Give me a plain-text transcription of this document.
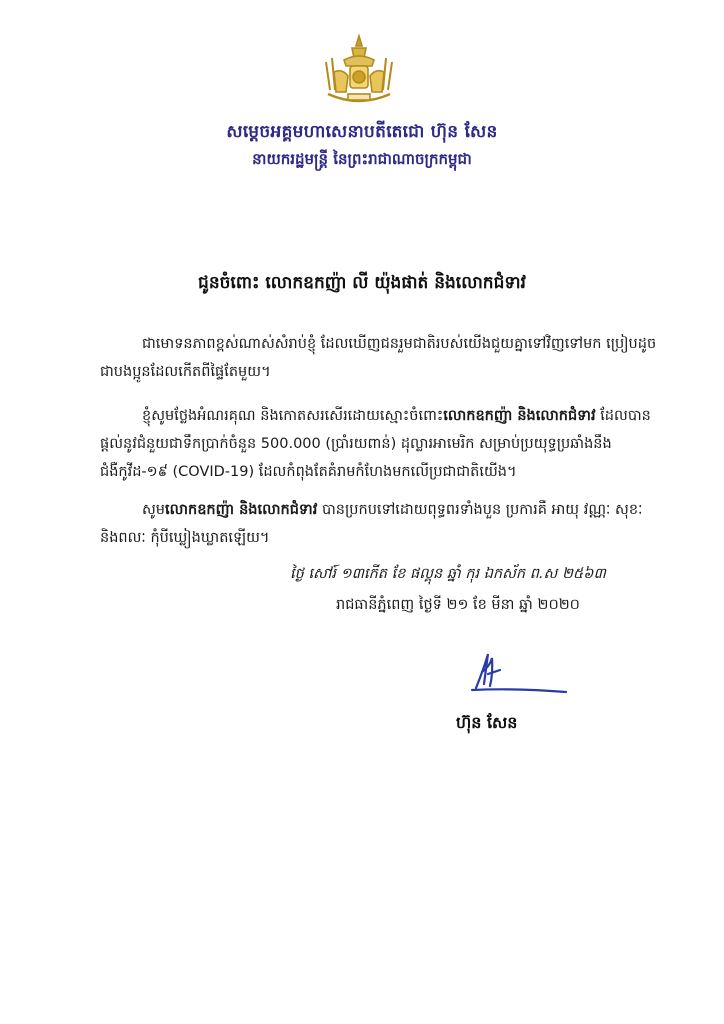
សម្តេចអគ្គមហាសេនាបតីតេជោ ហ៊ុន សែន
នាយករដ្ឋមន្ត្រី នៃព្រះរាជាណាចក្រកម្ពុជា
ជូនចំពោះ លោកឧកញ៉ា លី យ៉ុងផាត់ និងលោកជំទាវ
ជាមោទនភាពខ្ពស់ណាស់សំរាប់ខ្ញុំ ដែលឃើញជនរួមជាតិរបស់យើងជួយគ្នាទៅវិញទៅមក ប្រៀបដូចជាបងប្អូនដែលកើតពីផ្ទៃតែមួយ។
ខ្ញុំសូមថ្លែងអំណរគុណ និងកោតសរសើរដោយស្មោះចំពោះលោកឧកញ៉ា និងលោកជំទាវ ដែលបានផ្តល់នូវជំនួយជាទឹកប្រាក់ចំនួន 500.000 (ប្រាំរយពាន់) ដុល្លារអាមេរិក សម្រាប់ប្រយុទ្ធប្រឆាំងនឹងជំងឺកូវីដ-១៩ (COVID-19) ដែលកំពុងតែគំរាមកំហែងមកលើប្រជាជាតិយើង។
សូមលោកឧកញ៉ា និងលោកជំទាវ បានប្រកបទៅដោយពុទ្ធពរទាំងបួន ប្រការគឺ អាយុ វណ្ណៈ សុខៈ និងពលៈ កុំបីឃ្លៀងឃ្លាតឡើយ។
ថ្ងៃ សៅរ៍ ១៣កើត ខែ ផល្គុន ឆ្នាំ កុរ ឯកស័ក ព.ស ២៥៦៣
រាជធានីភ្នំពេញ ថ្ងៃទី ២១ ខែ មីនា ឆ្នាំ ២០២០
ហ៊ុន សែន
